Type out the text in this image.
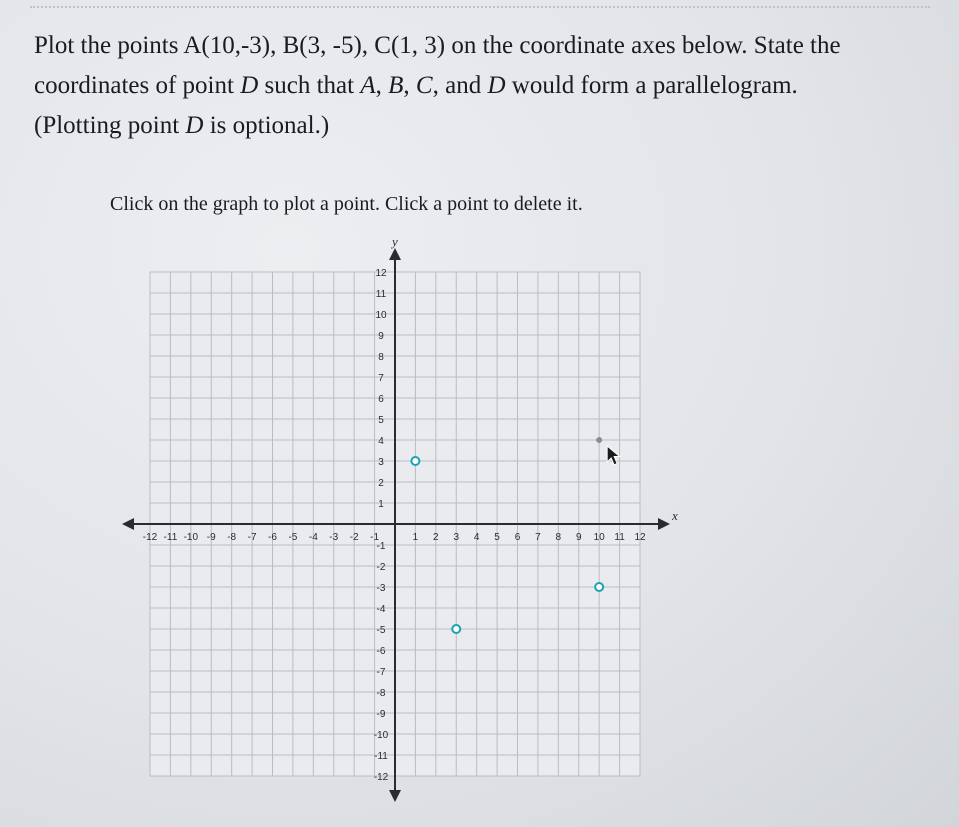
Plot the points A(10,-3), B(3, -5), C(1, 3) on the coordinate axes below. State the
coordinates of point D such that A, B, C, and D would form a parallelogram.
(Plotting point D is optional.)
Click on the graph to plot a point. Click a point to delete it.
-12 -11 -10 -9 -8 -7 -6 -5 -4 -3 -2 -1	1 2 3 4 5 6 7 8 9 10 11 12
12
11
10
9
8
7
6
5
4
3
2
1
-1
-2
-3
-4
-5
-6
-7
-8
-9
-10
-11
-12
x
y
